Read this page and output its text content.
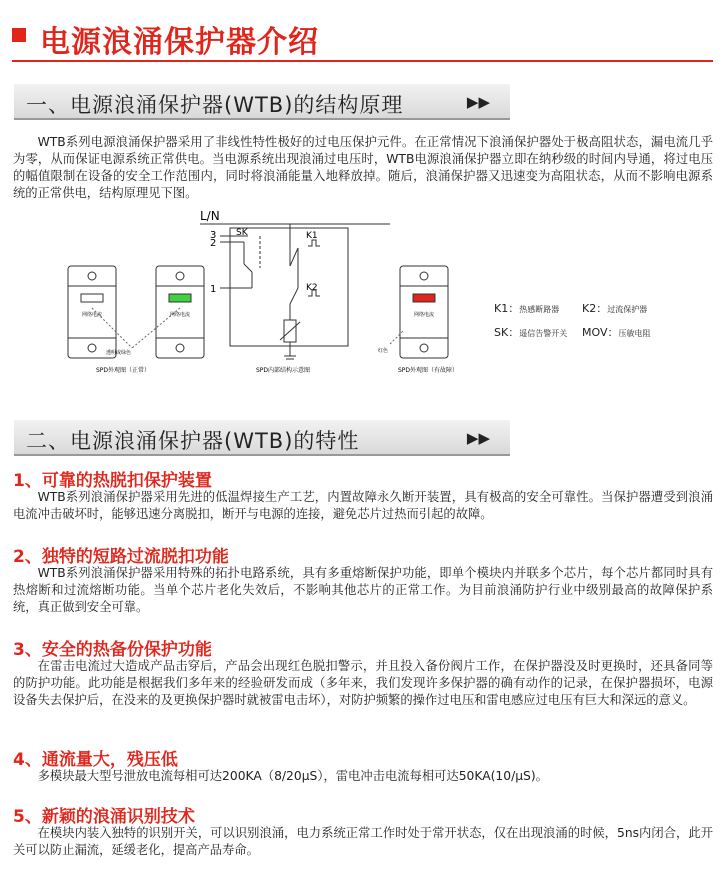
电源浪涌保护器介绍
一、电源浪涌保护器(WTB)的结构原理	▶▶
WTB系列电源浪涌保护器采用了非线性特性极好的过电压保护元件。在正常情况下浪涌保护器处于极高阻状态，漏电流几乎为零，从而保证电源系统正常供电。当电源系统出现浪涌过电压时，WTB电源浪涌保护器立即在纳秒级的时间内导通，将过电压的幅值限制在设备的安全工作范围内，同时将浪涌能量入地释放掉。随后，浪涌保护器又迅速变为高阻状态，从而不影响电源系统的正常供电，结构原理见下图。
L/N
SK	K1
K2
3
2
1
网络电流	网络电流	网络电流
透明或绿色	红色
SPD外观图（正常）	SPD内部结构示意图	SPD外观图（有故障）
K1：热感断路器 K2：过流保护器
SK：遥信告警开关 MOV：压敏电阻
二、电源浪涌保护器(WTB)的特性	▶▶
1、可靠的热脱扣保护装置
WTB系列浪涌保护器采用先进的低温焊接生产工艺，内置故障永久断开装置，具有极高的安全可靠性。当保护器遭受到浪涌电流冲击破坏时，能够迅速分离脱扣，断开与电源的连接，避免芯片过热而引起的故障。
2、独特的短路过流脱扣功能
WTB系列浪涌保护器采用特殊的拓扑电路系统，具有多重熔断保护功能，即单个模块内并联多个芯片，每个芯片都同时具有热熔断和过流熔断功能。当单个芯片老化失效后，不影响其他芯片的正常工作。为目前浪涌防护行业中级别最高的故障保护系统，真正做到安全可靠。
3、安全的热备份保护功能
在雷击电流过大造成产品击穿后，产品会出现红色脱扣警示，并且投入备份阀片工作，在保护器没及时更换时，还具备同等的防护功能。此功能是根据我们多年来的经验研发而成（多年来，我们发现许多保护器的确有动作的记录，在保护器损坏，电源设备失去保护后，在没来的及更换保护器时就被雷电击坏），对防护频繁的操作过电压和雷电感应过电压有巨大和深远的意义。
4、通流量大，残压低
多模块最大型号泄放电流每相可达200KA（8/20μS），雷电冲击电流每相可达50KA(10/μS)。
5、新颖的浪涌识别技术
在模块内装入独特的识别开关，可以识别浪涌，电力系统正常工作时处于常开状态，仅在出现浪涌的时候，5ns内闭合，此开关可以防止漏流，延缓老化，提高产品寿命。
